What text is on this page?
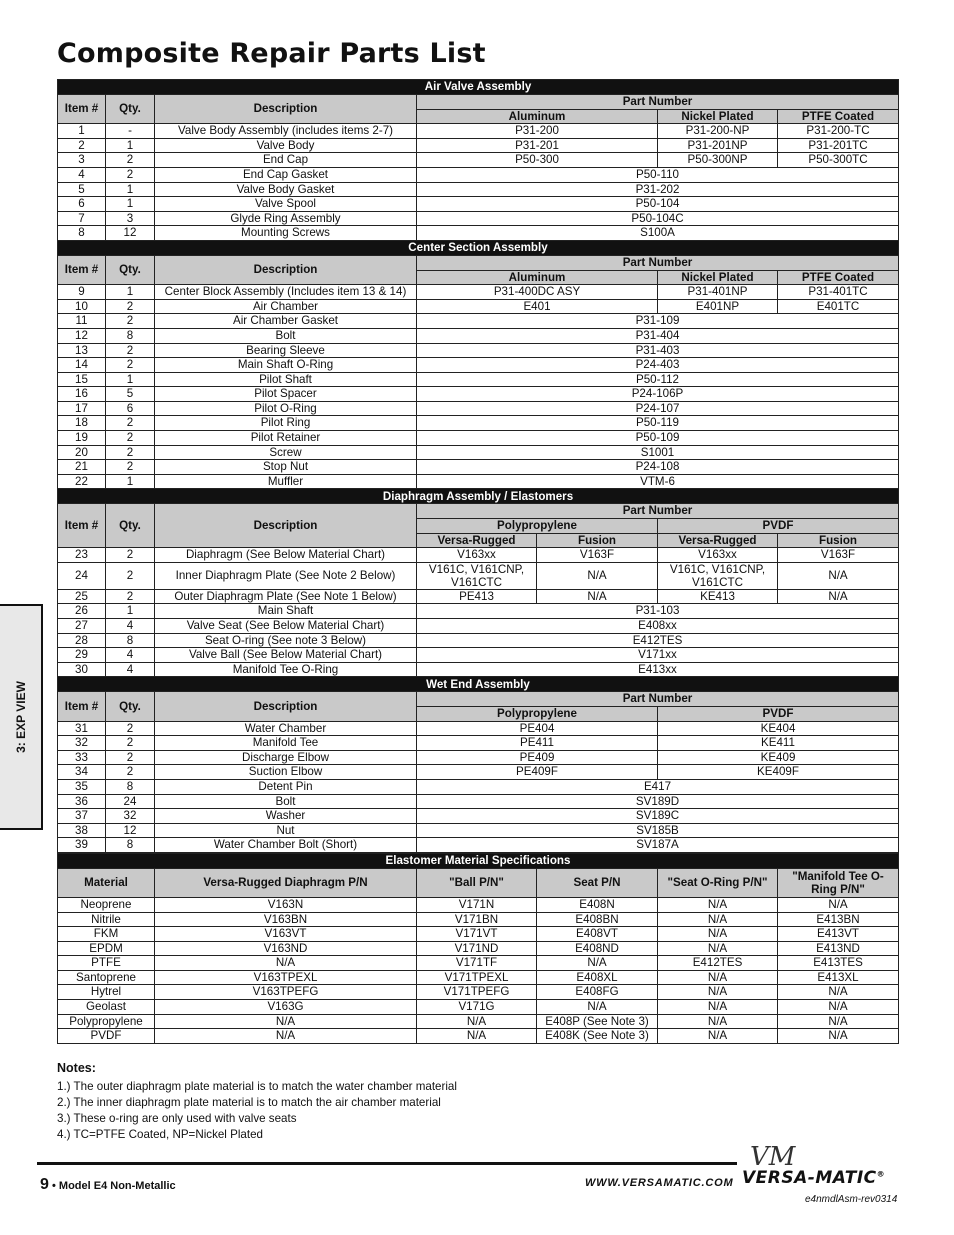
Composite Repair Parts List
3: EXP VIEW
Air Valve Assembly						
Item #	Qty.	Description	Part Number			
			Aluminum		Nickel Plated	PTFE Coated
1	-	Valve Body Assembly (includes items 2-7)	P31-200		P31-200-NP	P31-200-TC
2	1	Valve Body	P31-201		P31-201NP	P31-201TC
3	2	End Cap	P50-300		P50-300NP	P50-300TC
4	2	End Cap Gasket	P50-110			
5	1	Valve Body Gasket	P31-202			
6	1	Valve Spool	P50-104			
7	3	Glyde Ring Assembly	P50-104C			
8	12	Mounting Screws	S100A			
Center Section Assembly						
Item #	Qty.	Description	Part Number			
			Aluminum		Nickel Plated	PTFE Coated
9	1	Center Block Assembly (Includes item 13 & 14)	P31-400DC ASY		P31-401NP	P31-401TC
10	2	Air Chamber	E401		E401NP	E401TC
11	2	Air Chamber Gasket	P31-109			
12	8	Bolt	P31-404			
13	2	Bearing Sleeve	P31-403			
14	2	Main Shaft O-Ring	P24-403			
15	1	Pilot Shaft	P50-112			
16	5	Pilot Spacer	P24-106P			
17	6	Pilot O-Ring	P24-107			
18	2	Pilot Ring	P50-119			
19	2	Pilot Retainer	P50-109			
20	2	Screw	S1001			
21	2	Stop Nut	P24-108			
22	1	Muffler	VTM-6			
Diaphragm Assembly / Elastomers						
Item #	Qty.	Description	Part Number			
			Polypropylene		PVDF	
			Versa-Rugged	Fusion	Versa-Rugged	Fusion
23	2	Diaphragm (See Below Material Chart)	V163xx	V163F	V163xx	V163F
24	2	Inner Diaphragm Plate (See Note 2 Below)	V161C, V161CNP, V161CTC	N/A	V161C, V161CNP, V161CTC	N/A
25	2	Outer Diaphragm Plate (See Note 1 Below)	PE413	N/A	KE413	N/A
26	1	Main Shaft	P31-103			
27	4	Valve Seat (See Below Material Chart)	E408xx			
28	8	Seat O-ring (See note 3 Below)	E412TES			
29	4	Valve Ball (See Below Material Chart)	V171xx			
30	4	Manifold Tee O-Ring	E413xx			
Wet End Assembly						
Item #	Qty.	Description	Part Number			
			Polypropylene		PVDF	
31	2	Water Chamber	PE404		KE404	
32	2	Manifold Tee	PE411		KE411	
33	2	Discharge Elbow	PE409		KE409	
34	2	Suction Elbow	PE409F		KE409F	
35	8	Detent Pin	E417			
36	24	Bolt	SV189D			
37	32	Washer	SV189C			
38	12	Nut	SV185B			
39	8	Water Chamber Bolt (Short)	SV187A			
Elastomer Material Specifications					
Material	Versa-Rugged Diaphragm P/N	"Ball P/N"	Seat P/N	"Seat O-Ring P/N"	"Manifold Tee O-Ring P/N"
Neoprene	V163N	V171N	E408N	N/A	N/A
Nitrile	V163BN	V171BN	E408BN	N/A	E413BN
FKM	V163VT	V171VT	E408VT	N/A	E413VT
EPDM	V163ND	V171ND	E408ND	N/A	E413ND
PTFE	N/A	V171TF	N/A	E412TES	E413TES
Santoprene	V163TPEXL	V171TPEXL	E408XL	N/A	E413XL
Hytrel	V163TPEFG	V171TPEFG	E408FG	N/A	N/A
Geolast	V163G	V171G	N/A	N/A	N/A
Polypropylene	N/A	N/A	E408P (See Note 3)	N/A	N/A
PVDF	N/A	N/A	E408K (See Note 3)	N/A	N/A
Notes:
1.) The outer diaphragm plate material is to match the water chamber material
2.) The inner diaphragm plate material is to match the air chamber material
3.) These o-ring are only used with valve seats
4.) TC=PTFE Coated, NP=Nickel Plated
9 • Model E4 Non-Metallic	WWW.VERSAMATIC.COM
VM
VERSA-MATIC®
e4nmdlAsm-rev0314
